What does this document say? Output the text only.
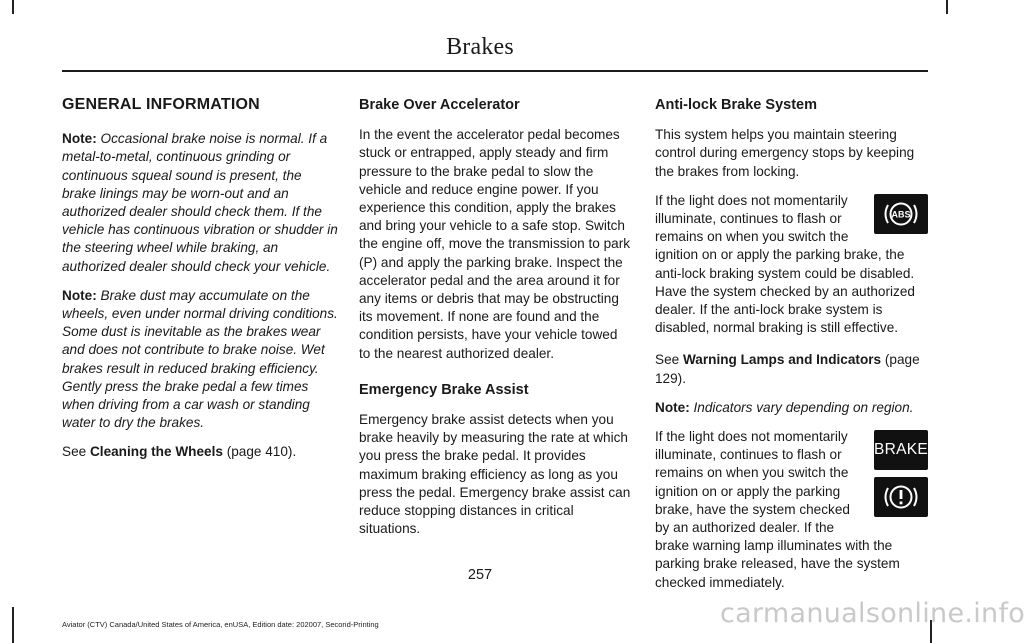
Brakes
GENERAL INFORMATION

Note: Occasional brake noise is normal. If a metal-to-metal, continuous grinding or continuous squeal sound is present, the brake linings may be worn-out and an authorized dealer should check them. If the vehicle has continuous vibration or shudder in the steering wheel while braking, an authorized dealer should check your vehicle.

Note: Brake dust may accumulate on the wheels, even under normal driving conditions. Some dust is inevitable as the brakes wear and does not contribute to brake noise. Wet brakes result in reduced braking efficiency. Gently press the brake pedal a few times when driving from a car wash or standing water to dry the brakes.

See Cleaning the Wheels (page 410).

Brake Over Accelerator

In the event the accelerator pedal becomes stuck or entrapped, apply steady and firm pressure to the brake pedal to slow the vehicle and reduce engine power. If you experience this condition, apply the brakes and bring your vehicle to a safe stop. Switch the engine off, move the transmission to park (P) and apply the parking brake. Inspect the accelerator pedal and the area around it for any items or debris that may be obstructing its movement. If none are found and the condition persists, have your vehicle towed to the nearest authorized dealer.

Emergency Brake Assist

Emergency brake assist detects when you brake heavily by measuring the rate at which you press the brake pedal. It provides maximum braking efficiency as long as you press the pedal. Emergency brake assist can reduce stopping distances in critical situations.

Anti-lock Brake System

This system helps you maintain steering control during emergency stops by keeping the brakes from locking.

ABS

If the light does not momentarily illuminate, continues to flash or remains on when you switch the ignition on or apply the parking brake, the anti-lock braking system could be disabled. Have the system checked by an authorized dealer. If the anti-lock brake system is disabled, normal braking is still effective.

See Warning Lamps and Indicators (page 129).

Note: Indicators vary depending on region.

BRAKE

If the light does not momentarily illuminate, continues to flash or remains on when you switch the ignition on or apply the parking brake, have the system checked by an authorized dealer. If the brake warning lamp illuminates with the parking brake released, have the system checked immediately.

257
Aviator (CTV) Canada/United States of America, enUSA, Edition date: 202007, Second-Printing	carmanualsonline.info
